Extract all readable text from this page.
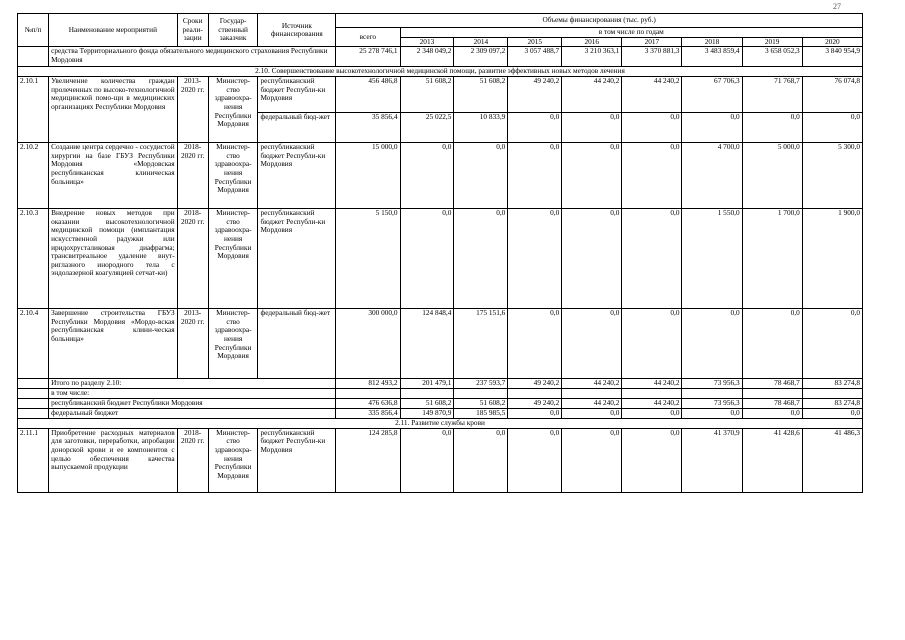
27
№п/п	Наименование мероприятий	Сроки реали-зации	Государ-ственный заказчик	Источник финансирования	Объемы финансирования (тыс. руб.)								
					всего	в том числе по годам							
						2013	2014	2015	2016	2017	2018	2019	2020
	средства Территориального фонда обязательного медицинского страхования Республики Мордовия				25 278 746,1	2 348 049,2	2 309 097,2	3 057 488,7	3 210 363,1	3 370 881,3	3 483 859,4	3 658 052,3	3 840 954,9
2.10. Совершенствование высокотехнологичной медицинской помощи, развитие эффективных новых методов лечения													
2.10.1	Увеличение количества граждан пролеченных по высоко-технологичной медицинской помо-щи в медицинских организациях Республики Мордовия	2013-2020 гг.	Министер-ство здравоохра-нения Республики Мордовия	республиканский бюджет Республи-ки Мордовия	456 486,8	51 608,2	51 608,2	49 240,2	44 240,2	44 240,2	67 706,3	71 768,7	76 074,8
				федеральный бюд-жет	35 856,4	25 022,5	10 833,9	0,0	0,0	0,0	0,0	0,0	0,0
2.10.2	Создание центра сердечно - сосудистой хирургии на базе ГБУЗ Республики Мордовия «Мордовская республиканская клиническая больница»	2018-2020 гг.	Министер-ство здравоохра-нения Республики Мордовия	республиканский бюджет Республи-ки Мордовия	15 000,0	0,0	0,0	0,0	0,0	0,0	4 700,0	5 000,0	5 300,0
2.10.3	Внедрение новых методов при оказании высокотехнологичной медицинской помощи (имплантация искусственной радужки или иридохрусталиковая диафрагма; трансвитреальное удаление внут-риглазного инородного тела с эндолазерной коагуляцией сетчат-ки)	2018-2020 гг.	Министер-ство здравоохра-нения Республики Мордовия	республиканский бюджет Республи-ки Мордовия	5 150,0	0,0	0,0	0,0	0,0	0,0	1 550,0	1 700,0	1 900,0
2.10.4	Завершение строительства ГБУЗ Республики Мордовия «Мордо-вская республиканская клини-ческая больница»	2013-2020 гг.	Министер-ство здравоохра-нения Республики Мордовия	федеральный бюд-жет	300 000,0	124 848,4	175 151,6	0,0	0,0	0,0	0,0	0,0	0,0
	Итого по разделу 2.10:				812 493,2	201 479,1	237 593,7	49 240,2	44 240,2	44 240,2	73 956,3	78 468,7	83 274,8
	в том числе:												
	республиканский бюджет Республики Мордовия				476 636,8	51 608,2	51 608,2	49 240,2	44 240,2	44 240,2	73 956,3	78 468,7	83 274,8
	федеральный бюджет				335 856,4	149 870,9	185 985,5	0,0	0,0	0,0	0,0	0,0	0,0
2.11. Развитие службы крови													
2.11.1	Приобретение расходных материалов для заготовки, переработки, апробации донорской крови и ее компонентов с целью обеспечения качества выпускаемой продукции	2018-2020 гг.	Министер-ство здравоохра-нения Республики Мордовия	республиканский бюджет Республи-ки Мордовия	124 285,8	0,0	0,0	0,0	0,0	0,0	41 370,9	41 428,6	41 486,3
